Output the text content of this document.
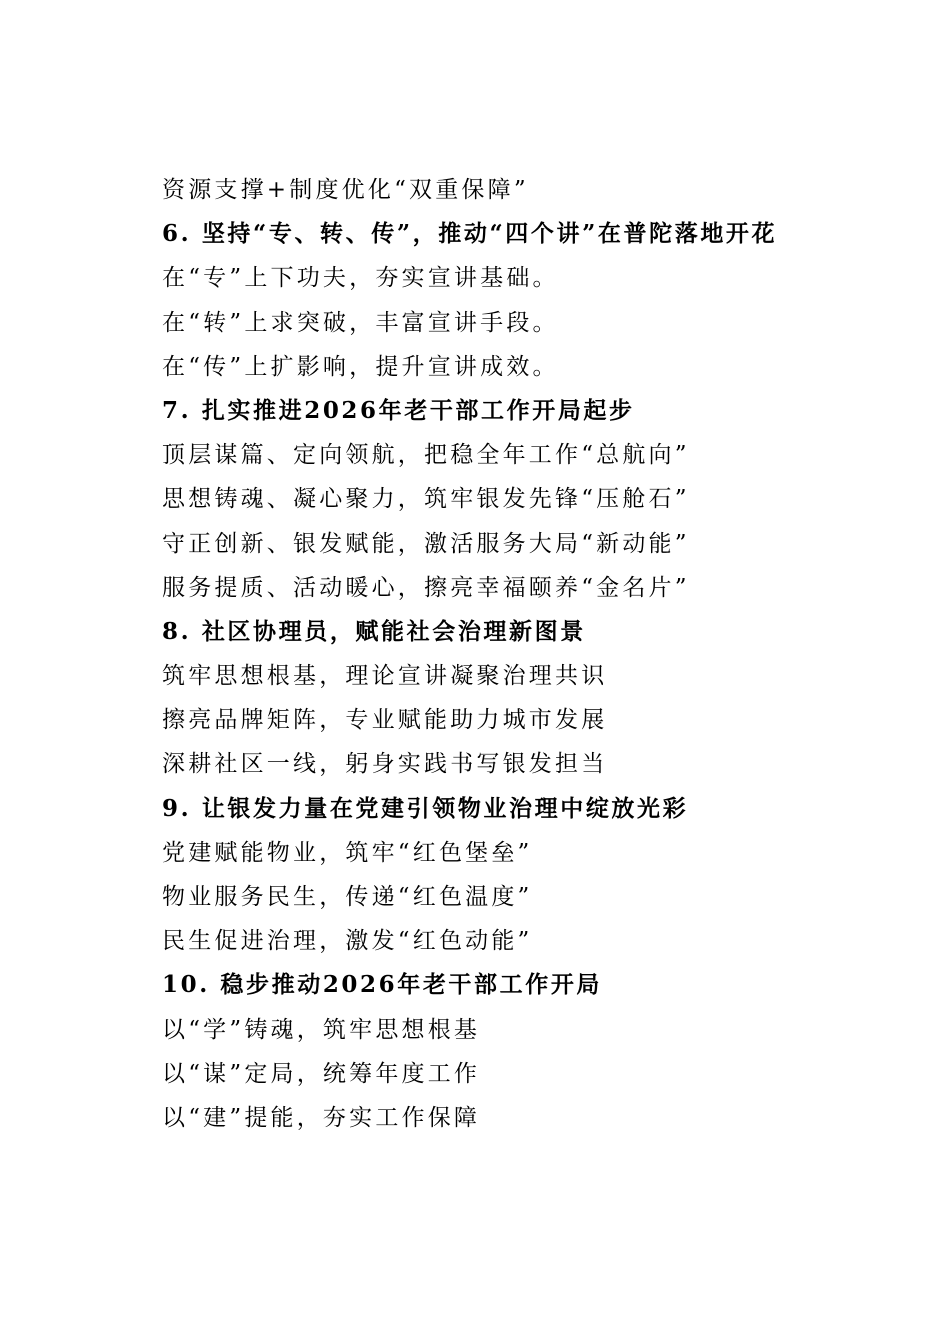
资源支撑+制度优化“双重保障”
6. 坚持“专、转、传”，推动“四个讲”在普陀落地开花
在“专”上下功夫，夯实宣讲基础。
在“转”上求突破，丰富宣讲手段。
在“传”上扩影响，提升宣讲成效。
7. 扎实推进2026年老干部工作开局起步
顶层谋篇、定向领航，把稳全年工作“总航向”
思想铸魂、凝心聚力，筑牢银发先锋“压舱石”
守正创新、银发赋能，激活服务大局“新动能”
服务提质、活动暖心，擦亮幸福颐养“金名片”
8. 社区协理员，赋能社会治理新图景
筑牢思想根基，理论宣讲凝聚治理共识
擦亮品牌矩阵，专业赋能助力城市发展
深耕社区一线，躬身实践书写银发担当
9. 让银发力量在党建引领物业治理中绽放光彩
党建赋能物业，筑牢“红色堡垒”
物业服务民生，传递“红色温度”
民生促进治理，激发“红色动能”
10. 稳步推动2026年老干部工作开局
以“学”铸魂，筑牢思想根基
以“谋”定局，统筹年度工作
以“建”提能，夯实工作保障
